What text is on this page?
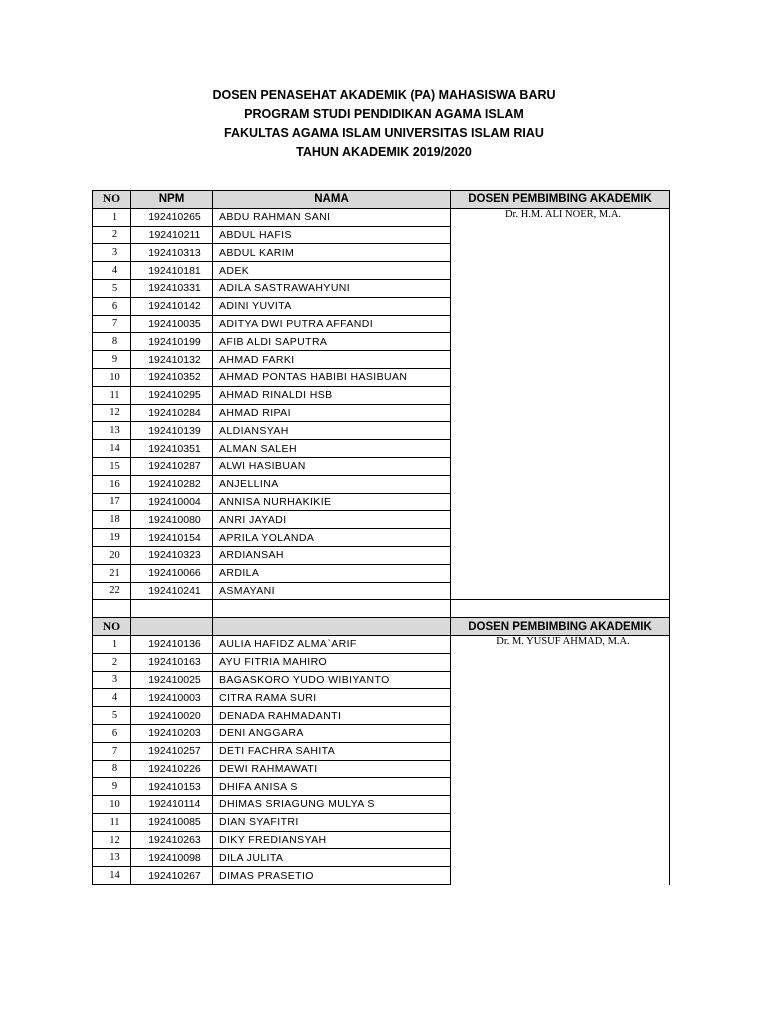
DOSEN PENASEHAT AKADEMIK (PA) MAHASISWA BARU
PROGRAM STUDI PENDIDIKAN AGAMA ISLAM
FAKULTAS AGAMA ISLAM UNIVERSITAS ISLAM RIAU
TAHUN AKADEMIK 2019/2020
NO	NPM	NAMA	DOSEN PEMBIMBING AKADEMIK
1	192410265	ABDU RAHMAN SANI	Dr. H.M. ALI NOER, M.A.
2	192410211	ABDUL HAFIS	
3	192410313	ABDUL KARIM	
4	192410181	ADEK	
5	192410331	ADILA SASTRAWAHYUNI	
6	192410142	ADINI YUVITA	
7	192410035	ADITYA DWI PUTRA AFFANDI	
8	192410199	AFIB ALDI SAPUTRA	
9	192410132	AHMAD FARKI	
10	192410352	AHMAD PONTAS HABIBI HASIBUAN	
11	192410295	AHMAD RINALDI HSB	
12	192410284	AHMAD RIPAI	
13	192410139	ALDIANSYAH	
14	192410351	ALMAN SALEH	
15	192410287	ALWI HASIBUAN	
16	192410282	ANJELLINA	
17	192410004	ANNISA NURHAKIKIE	
18	192410080	ANRI JAYADI	
19	192410154	APRILA YOLANDA	
20	192410323	ARDIANSAH	
21	192410066	ARDILA	
22	192410241	ASMAYANI	

NO			DOSEN PEMBIMBING AKADEMIK
1	192410136	AULIA HAFIDZ ALMA`ARIF	Dr. M. YUSUF AHMAD, M.A.
2	192410163	AYU FITRIA MAHIRO	
3	192410025	BAGASKORO YUDO WIBIYANTO	
4	192410003	CITRA RAMA SURI	
5	192410020	DENADA RAHMADANTI	
6	192410203	DENI ANGGARA	
7	192410257	DETI FACHRA SAHITA	
8	192410226	DEWI RAHMAWATI	
9	192410153	DHIFA ANISA S	
10	192410114	DHIMAS SRIAGUNG MULYA S	
11	192410085	DIAN SYAFITRI	
12	192410263	DIKY FREDIANSYAH	
13	192410098	DILA JULITA	
14	192410267	DIMAS PRASETIO	
